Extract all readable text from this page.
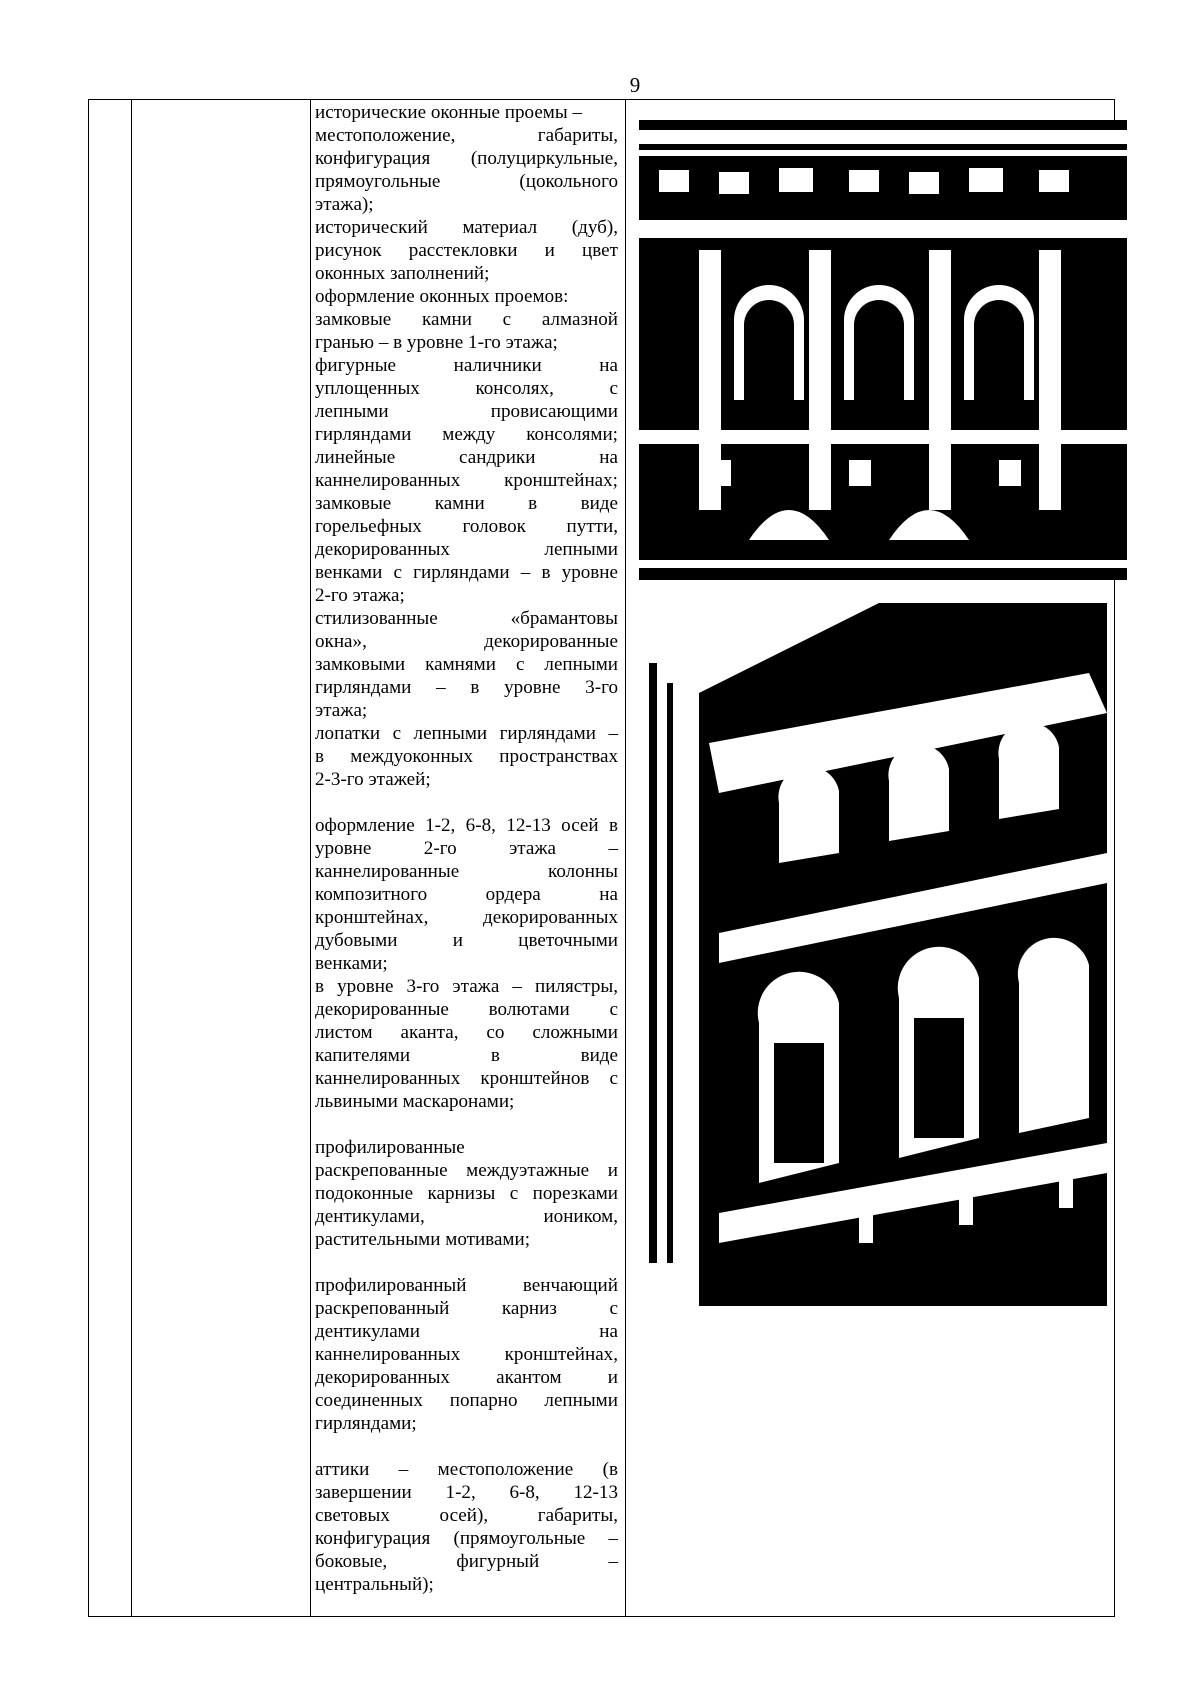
9

исторические оконные проемы –

местоположение, габариты,

конфигурация (полуциркульные,

прямоугольные (цокольного

этажа);

исторический материал (дуб),

рисунок расстекловки и цвет

оконных заполнений;

оформление оконных проемов:

замковые камни с алмазной

гранью – в уровне 1-го этажа;

фигурные наличники на

уплощенных консолях, с

лепными провисающими

гирляндами между консолями;

линейные сандрики на

каннелированных кронштейнах;

замковые камни в виде

горельефных головок путти,

декорированных лепными

венками с гирляндами – в уровне

2-го этажа;

стилизованные «брамантовы

окна», декорированные

замковыми камнями с лепными

гирляндами – в уровне 3-го

этажа;

лопатки с лепными гирляндами –

в междуоконных пространствах

2-3-го этажей;

оформление 1-2, 6-8, 12-13 осей в

уровне 2-го этажа –

каннелированные колонны

композитного ордера на

кронштейнах, декорированных

дубовыми и цветочными

венками;

в уровне 3-го этажа – пилястры,

декорированные волютами с

листом аканта, со сложными

капителями в виде

каннелированных кронштейнов с

львиными маскаронами;

профилированные

раскрепованные междуэтажные и

подоконные карнизы с порезками

дентикулами, иоником,

растительными мотивами;

профилированный венчающий

раскрепованный карниз с

дентикулами на

каннелированных кронштейнах,

декорированных акантом и

соединенных попарно лепными

гирляндами;

аттики – местоположение (в

завершении 1-2, 6-8, 12-13

световых осей), габариты,

конфигурация (прямоугольные –

боковые, фигурный –

центральный);
